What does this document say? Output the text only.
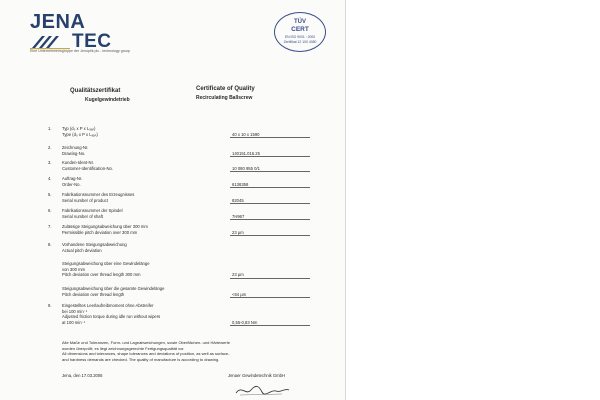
JENA
TEC
Eine Unternehmensgruppe der Jenoptik plc - technology group
TÜV
CERT
EN ISO 9001 : 2000
Zertifikat 12 100 4080
Qualitätszertifikat
Kugelgewindetrieb
Certificate of Quality
Recirculating Ballscrew
1.	Typ (d₀ x P x Lₔₐₙ)
Type (d₀ x P x Lₔₐₙ)	40 x 10 x 1590
2.	Zeichnung-Nr.
Drawing-No.	140151.016.25
3.	Kunden-Ident-Nr.
Customer-Identification-No.	10 080 955 0/1
4.	Auftrag-Nr.
Order-No.	6136358
5.	Fabrikationsnummer des Erzeugnisses
Serial number of product	82045
6.	Fabrikationsnummer der Spindel
Serial number of shaft	7H967
7.	Zulässige Steigungsabweichung über 300 mm
Permissible pitch deviation over 300 mm	23 µm
8.	Vorhandene Steigungsabweichung
Actual pitch deviation
Steigungsabweichung über eine Gewindelänge
von 300 mm
Pitch deviation over thread length 300 mm	23 µm
Steigungsabweichung über die gesamte Gewindelänge
Pitch deviation over thread length	<64 µm
9.	Eingestelltes Leerlaufreibmoment ohne Abstreifer
bei 100 min⁻¹
Adjusted friction torque during idle run without wipers
at 100 min⁻¹	0,55-0,83 Nm
Alle Maße und Toleranzen, Form- und Lageabweichungen, sowie Oberflächen- und Härtewerte
wurden überprüft; es liegt zeichnungsgerechte Fertigungsqualität vor.
All dimensions and tolerances, shape tolerances and deviations of position, as well as surface-
and hardness demands are checked. The quality of manufacture is according to drawing.
Jena, den 17.03.2006	Jenaer Gewindetechnik GmbH
